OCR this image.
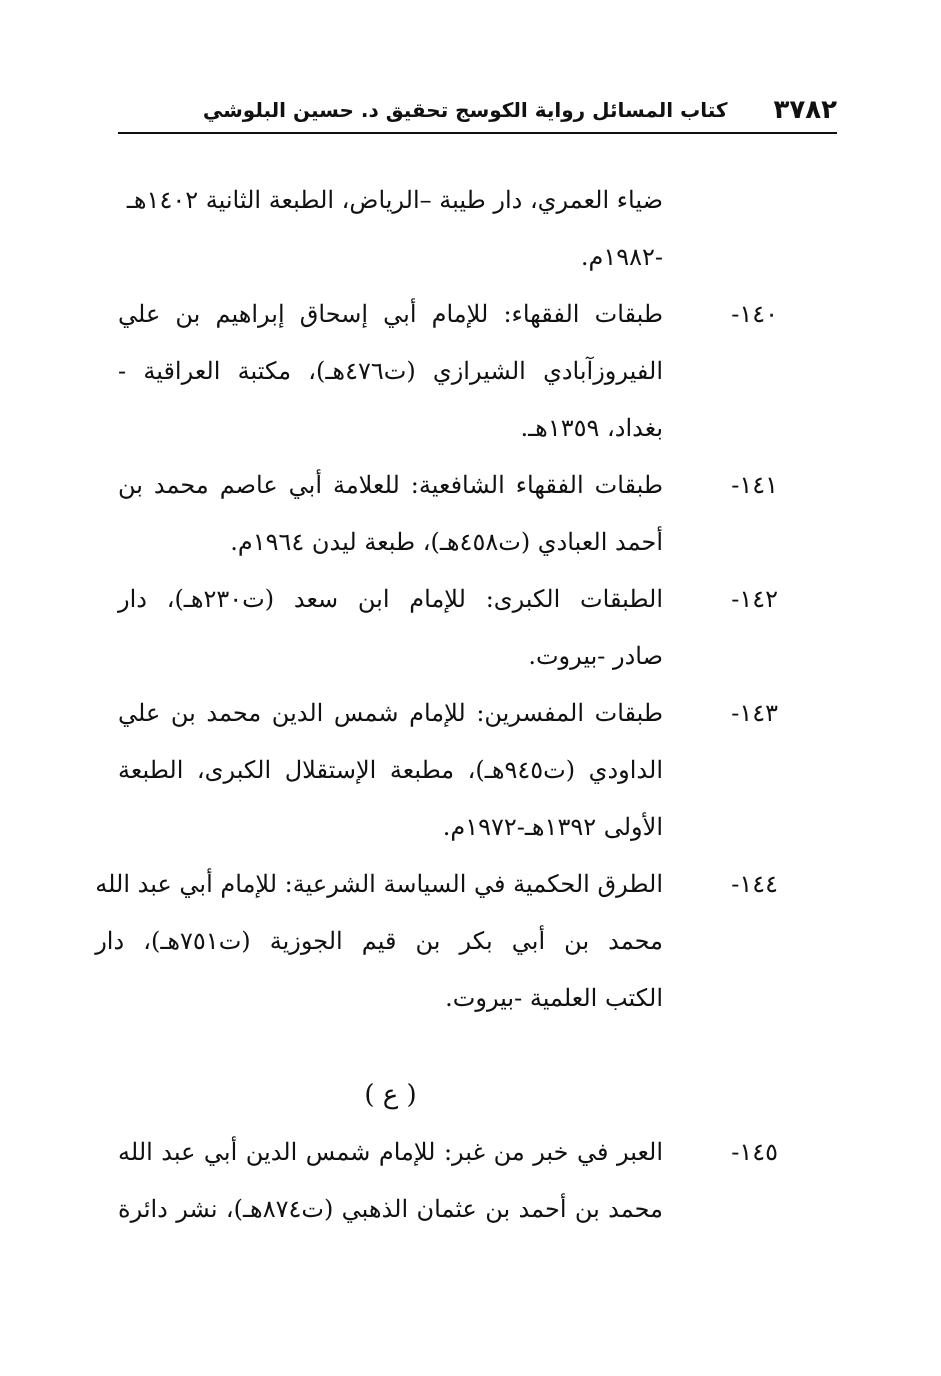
٣٧٨٢
كتاب المسائل رواية الكوسج تحقيق د. حسين البلوشي
ضياء العمري، دار طيبة –الرياض، الطبعة الثانية ١٤٠٢هـ
-١٩٨٢م.
١٤٠-
طبقات الفقهاء: للإمام أبي إسحاق إبراهيم بن علي
الفيروزآبادي الشيرازي (ت٤٧٦هـ)، مكتبة العراقية -
بغداد، ١٣٥٩هـ.
١٤١-
طبقات الفقهاء الشافعية: للعلامة أبي عاصم محمد بن
أحمد العبادي (ت٤٥٨هـ)، طبعة ليدن ١٩٦٤م.
١٤٢-
الطبقات الكبرى: للإمام ابن سعد (ت٢٣٠هـ)، دار
صادر -بيروت.
١٤٣-
طبقات المفسرين: للإمام شمس الدين محمد بن علي
الداودي (ت٩٤٥هـ)، مطبعة الإستقلال الكبرى، الطبعة
الأولى ١٣٩٢هـ-١٩٧٢م.
١٤٤-
الطرق الحكمية في السياسة الشرعية: للإمام أبي عبد الله
محمد بن أبي بكر بن قيم الجوزية (ت٧٥١هـ)، دار
الكتب العلمية -بيروت.
( ع )
١٤٥-
العبر في خبر من غبر: للإمام شمس الدين أبي عبد الله
محمد بن أحمد بن عثمان الذهبي (ت٨٧٤هـ)، نشر دائرة
